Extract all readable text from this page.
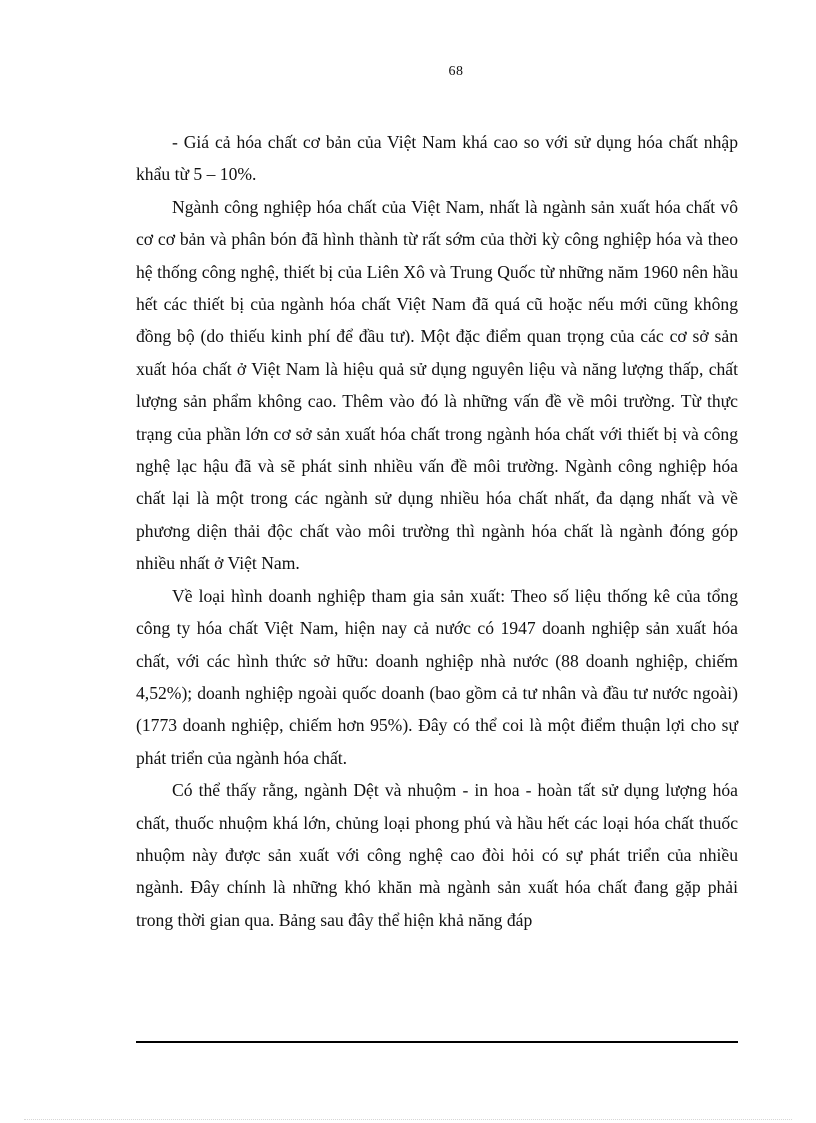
68

- Giá cả hóa chất cơ bản của Việt Nam khá cao so với sử dụng hóa chất nhập khẩu từ 5 – 10%.

Ngành công nghiệp hóa chất của Việt Nam, nhất là ngành sản xuất hóa chất vô cơ cơ bản và phân bón đã hình thành từ rất sớm của thời kỳ công nghiệp hóa và theo hệ thống công nghệ, thiết bị của Liên Xô và Trung Quốc từ những năm 1960 nên hầu hết các thiết bị của ngành hóa chất Việt Nam đã quá cũ hoặc nếu mới cũng không đồng bộ (do thiếu kinh phí để đầu tư). Một đặc điểm quan trọng của các cơ sở sản xuất hóa chất ở Việt Nam là hiệu quả sử dụng nguyên liệu và năng lượng thấp, chất lượng sản phẩm không cao. Thêm vào đó là những vấn đề về môi trường. Từ thực trạng của phần lớn cơ sở sản xuất hóa chất trong ngành hóa chất với thiết bị và công nghệ lạc hậu đã và sẽ phát sinh nhiều vấn đề môi trường. Ngành công nghiệp hóa chất lại là một trong các ngành sử dụng nhiều hóa chất nhất, đa dạng nhất và về phương diện thải độc chất vào môi trường thì ngành hóa chất là ngành đóng góp nhiều nhất ở Việt Nam.

Về loại hình doanh nghiệp tham gia sản xuất: Theo số liệu thống kê của tổng công ty hóa chất Việt Nam, hiện nay cả nước có 1947 doanh nghiệp sản xuất hóa chất, với các hình thức sở hữu: doanh nghiệp nhà nước (88 doanh nghiệp, chiếm 4,52%); doanh nghiệp ngoài quốc doanh (bao gồm cả tư nhân và đầu tư nước ngoài) (1773 doanh nghiệp, chiếm hơn 95%). Đây có thể coi là một điểm thuận lợi cho sự phát triển của ngành hóa chất.

Có thể thấy rằng, ngành Dệt và nhuộm - in hoa - hoàn tất sử dụng lượng hóa chất, thuốc nhuộm khá lớn, chủng loại phong phú và hầu hết các loại hóa chất thuốc nhuộm này được sản xuất với công nghệ cao đòi hỏi có sự phát triển của nhiều ngành. Đây chính là những khó khăn mà ngành sản xuất hóa chất đang gặp phải trong thời gian qua. Bảng sau đây thể hiện khả năng đáp
